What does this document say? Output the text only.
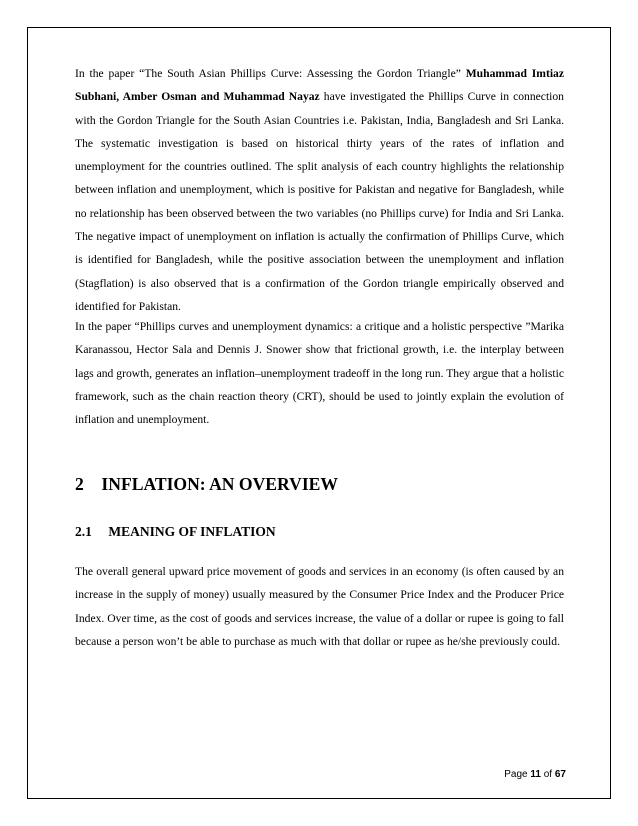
In the paper “The South Asian Phillips Curve: Assessing the Gordon Triangle” Muhammad Imtiaz Subhani, Amber Osman and Muhammad Nayaz have investigated the Phillips Curve in connection with the Gordon Triangle for the South Asian Countries i.e. Pakistan, India, Bangladesh and Sri Lanka. The systematic investigation is based on historical thirty years of the rates of inflation and unemployment for the countries outlined. The split analysis of each country highlights the relationship between inflation and unemployment, which is positive for Pakistan and negative for Bangladesh, while no relationship has been observed between the two variables (no Phillips curve) for India and Sri Lanka. The negative impact of unemployment on inflation is actually the confirmation of Phillips Curve, which is identified for Bangladesh, while the positive association between the unemployment and inflation (Stagflation) is also observed that is a confirmation of the Gordon triangle empirically observed and identified for Pakistan.

In the paper “Phillips curves and unemployment dynamics: a critique and a holistic perspective ”Marika Karanassou, Hector Sala and Dennis J. Snower show that frictional growth, i.e. the interplay between lags and growth, generates an inflation–unemployment tradeoff in the long run. They argue that a holistic framework, such as the chain reaction theory (CRT), should be used to jointly explain the evolution of inflation and unemployment.

2 INFLATION: AN OVERVIEW
2.1 MEANING OF INFLATION

The overall general upward price movement of goods and services in an economy (is often caused by an increase in the supply of money) usually measured by the Consumer Price Index and the Producer Price Index. Over time, as the cost of goods and services increase, the value of a dollar or rupee is going to fall because a person won’t be able to purchase as much with that dollar or rupee as he/she previously could.

Page 11 of 67
